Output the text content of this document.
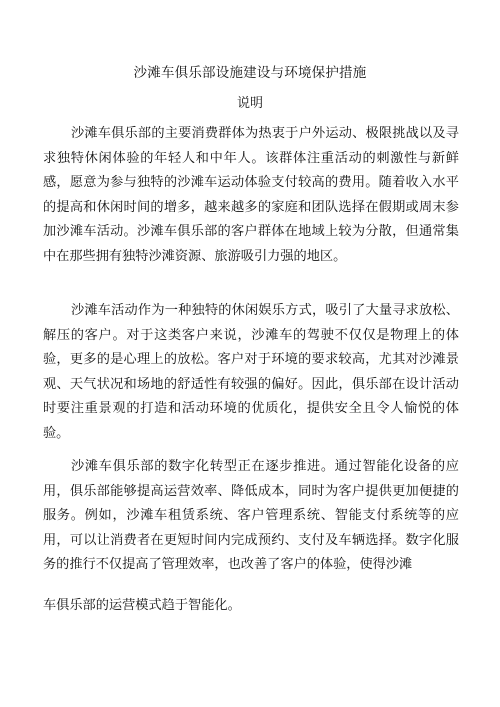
沙滩车俱乐部设施建设与环境保护措施
说明

沙滩车俱乐部的主要消费群体为热衷于户外运动、极限挑战以及寻求独特休闲体验的年轻人和中年人。该群体注重活动的刺激性与新鲜感，愿意为参与独特的沙滩车运动体验支付较高的费用。随着收入水平的提高和休闲时间的增多，越来越多的家庭和团队选择在假期或周末参加沙滩车活动。沙滩车俱乐部的客户群体在地域上较为分散，但通常集中在那些拥有独特沙滩资源、旅游吸引力强的地区。

沙滩车活动作为一种独特的休闲娱乐方式，吸引了大量寻求放松、解压的客户。对于这类客户来说，沙滩车的驾驶不仅仅是物理上的体验，更多的是心理上的放松。客户对于环境的要求较高，尤其对沙滩景观、天气状况和场地的舒适性有较强的偏好。因此，俱乐部在设计活动时要注重景观的打造和活动环境的优质化，提供安全且令人愉悦的体验。

沙滩车俱乐部的数字化转型正在逐步推进。通过智能化设备的应用，俱乐部能够提高运营效率、降低成本，同时为客户提供更加便捷的服务。例如，沙滩车租赁系统、客户管理系统、智能支付系统等的应用，可以让消费者在更短时间内完成预约、支付及车辆选择。数字化服务的推行不仅提高了管理效率，也改善了客户的体验，使得沙滩

车俱乐部的运营模式趋于智能化。
